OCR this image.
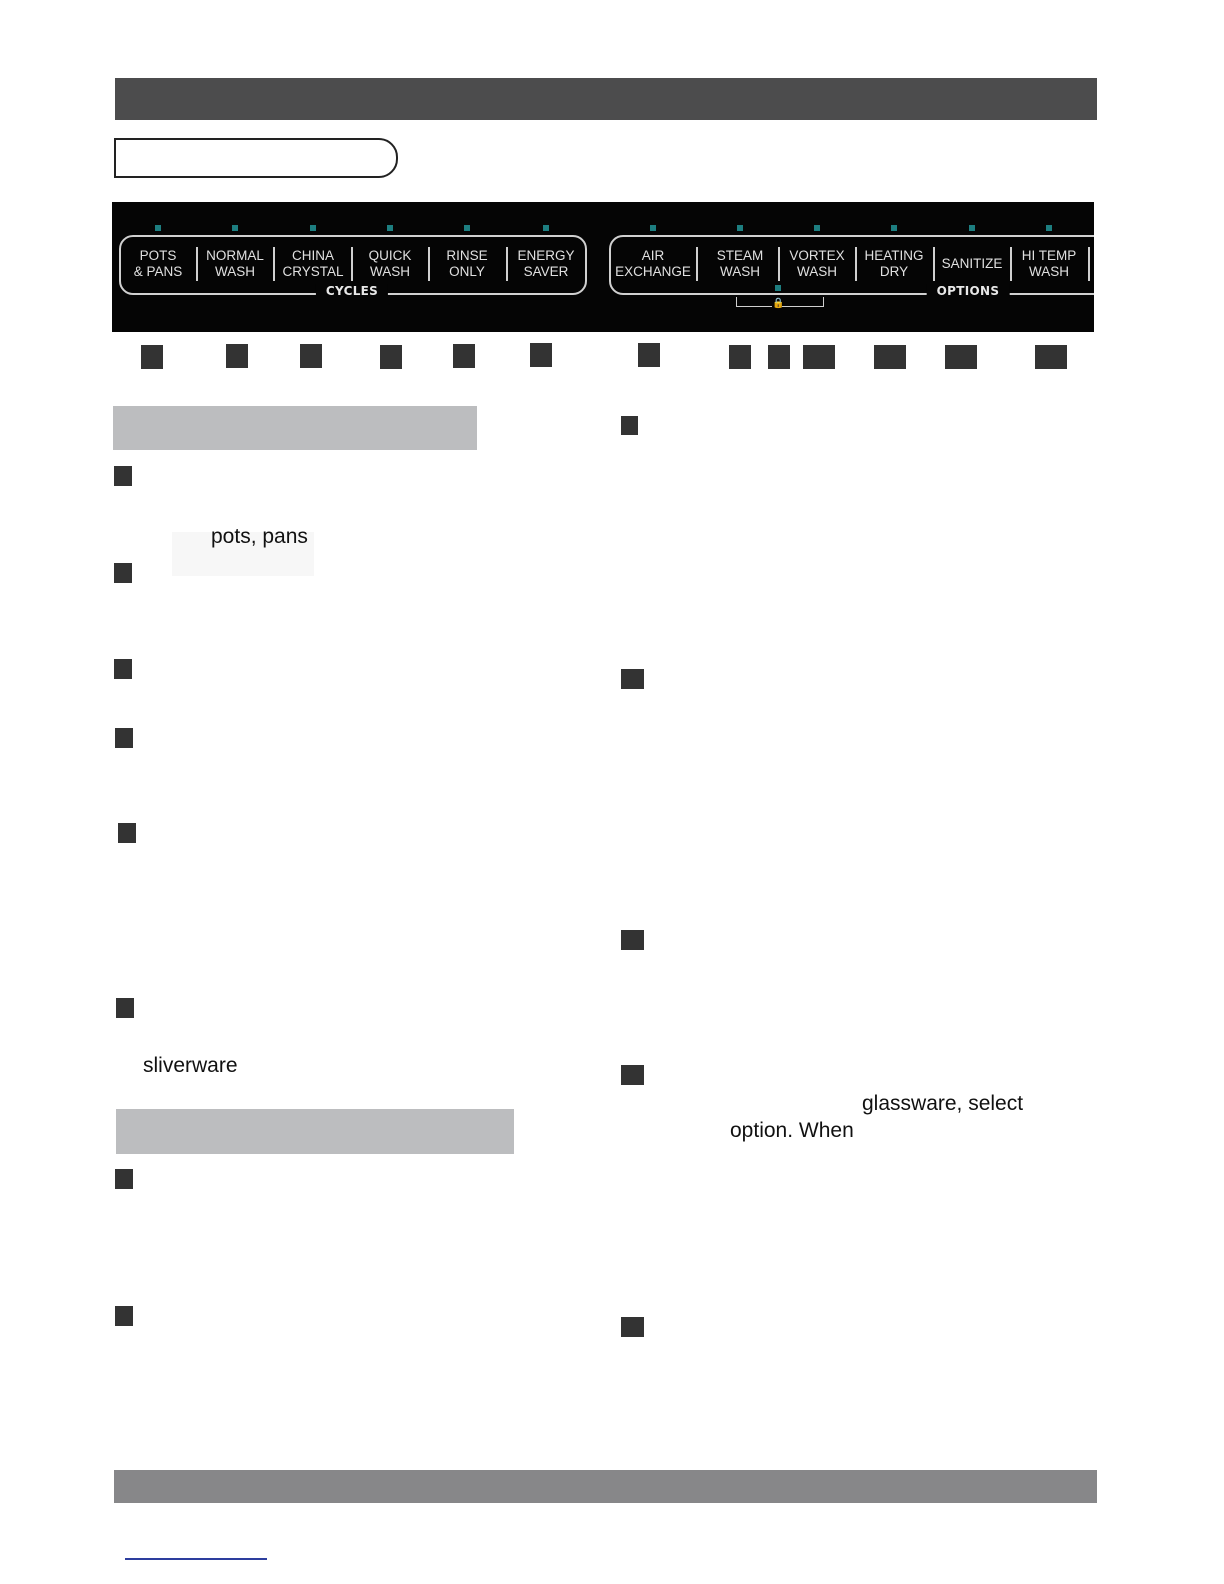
CYCLES	OPTIONS
POTS
& PANS
NORMAL
WASH
CHINA
CRYSTAL
QUICK
WASH
RINSE
ONLY
ENERGY
SAVER
AIR
EXCHANGE
STEAM
WASH
VORTEX
WASH
HEATING
DRY
SANITIZE
HI TEMP
WASH
🔒
pots, pans
sliverware
glassware, select
option. When
